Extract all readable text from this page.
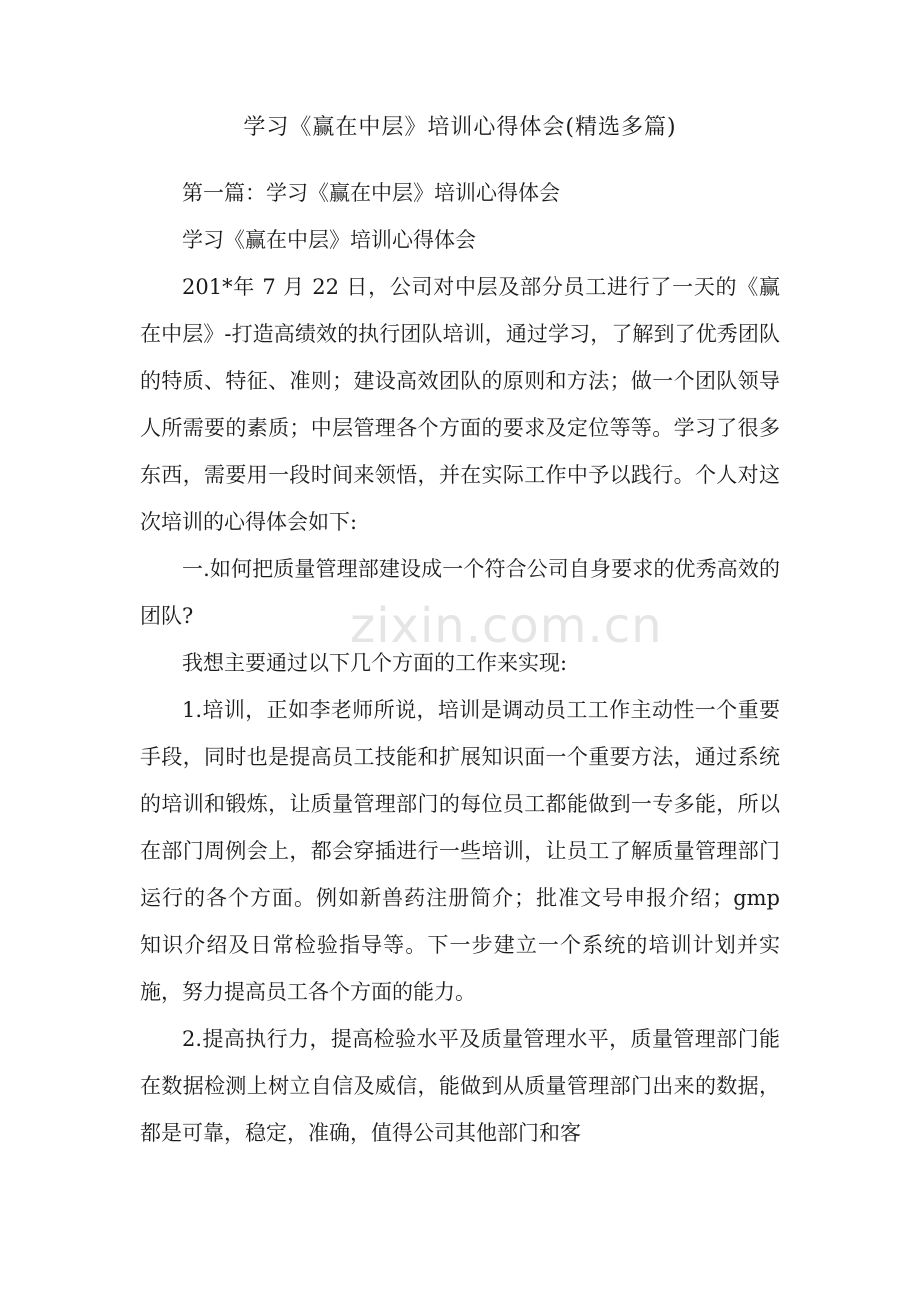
学习《赢在中层》培训心得体会(精选多篇)

第一篇：学习《赢在中层》培训心得体会

学习《赢在中层》培训心得体会

201*年 7 月 22 日，公司对中层及部分员工进行了一天的《赢在中层》-打造高绩效的执行团队培训，通过学习，了解到了优秀团队的特质、特征、准则；建设高效团队的原则和方法；做一个团队领导人所需要的素质；中层管理各个方面的要求及定位等等。学习了很多东西，需要用一段时间来领悟，并在实际工作中予以践行。个人对这次培训的心得体会如下:

一.如何把质量管理部建设成一个符合公司自身要求的优秀高效的团队?

我想主要通过以下几个方面的工作来实现:

1.培训，正如李老师所说，培训是调动员工工作主动性一个重要手段，同时也是提高员工技能和扩展知识面一个重要方法，通过系统的培训和锻炼，让质量管理部门的每位员工都能做到一专多能，所以在部门周例会上，都会穿插进行一些培训，让员工了解质量管理部门运行的各个方面。例如新兽药注册简介；批准文号申报介绍；gmp 知识介绍及日常检验指导等。下一步建立一个系统的培训计划并实施，努力提高员工各个方面的能力。

2.提高执行力，提高检验水平及质量管理水平，质量管理部门能在数据检测上树立自信及威信，能做到从质量管理部门出来的数据，都是可靠，稳定，准确，值得公司其他部门和客

zixin.com.cn
